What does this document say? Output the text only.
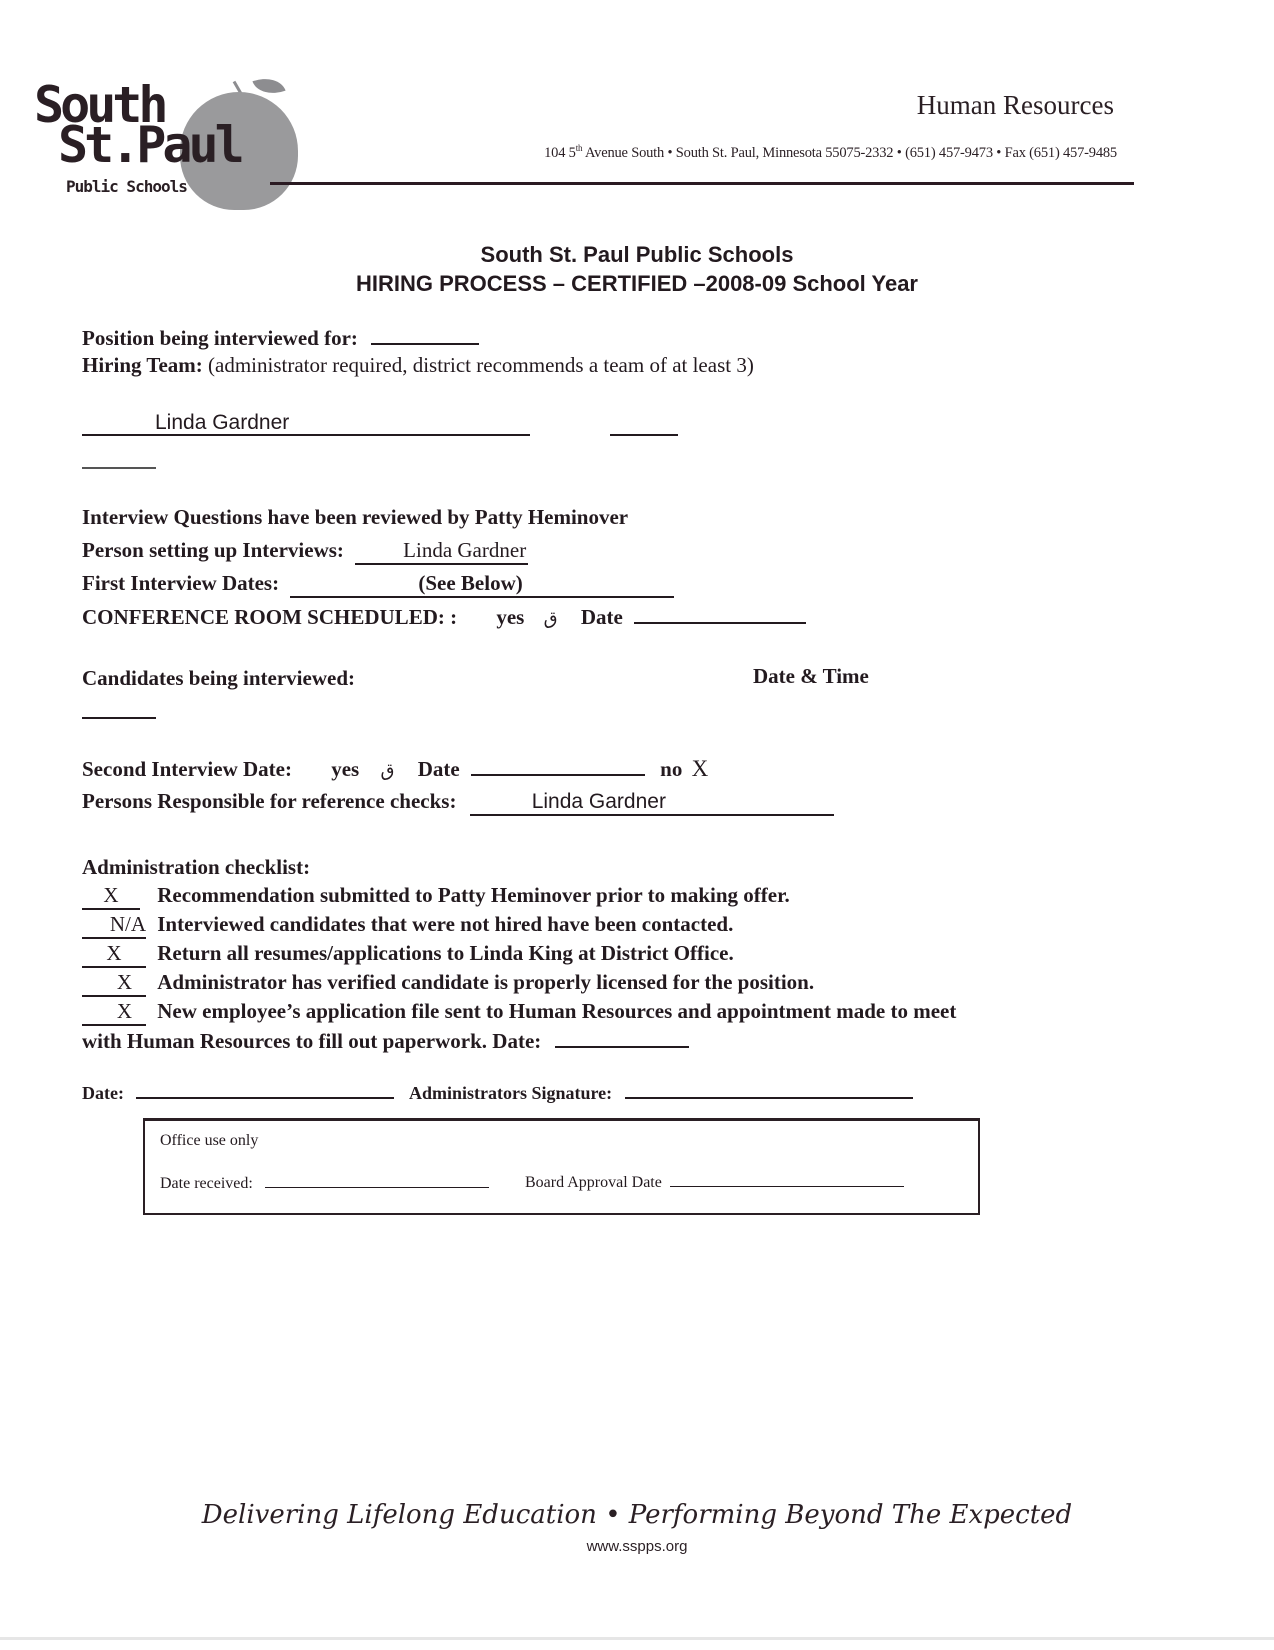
South
St.Paul
Public Schools
Human Resources
104 5th Avenue South • South St. Paul, Minnesota 55075-2332 • (651) 457-9473 • Fax (651) 457-9485
South St. Paul Public Schools
HIRING PROCESS – CERTIFIED –2008-09 School Year
Position being interviewed for:
Hiring Team: (administrator required, district recommends a team of at least 3)
Linda Gardner
Interview Questions have been reviewed by Patty Heminover
Person setting up Interviews:	Linda Gardner
First Interview Dates:	(See Below)
CONFERENCE ROOM SCHEDULED: : yes ق Date
Candidates being interviewed:	Date & Time
Second Interview Date: yes ق Date	no X
Persons Responsible for reference checks:	Linda Gardner
Administration checklist:
X Recommendation submitted to Patty Heminover prior to making offer.
N/A Interviewed candidates that were not hired have been contacted.
X Return all resumes/applications to Linda King at District Office.
X Administrator has verified candidate is properly licensed for the position.
X New employee’s application file sent to Human Resources and appointment made to meet
with Human Resources to fill out paperwork. Date:
Date:	Administrators Signature:
Office use only
Date received:	Board Approval Date
Delivering Lifelong Education • Performing Beyond The Expected
www.sspps.org
